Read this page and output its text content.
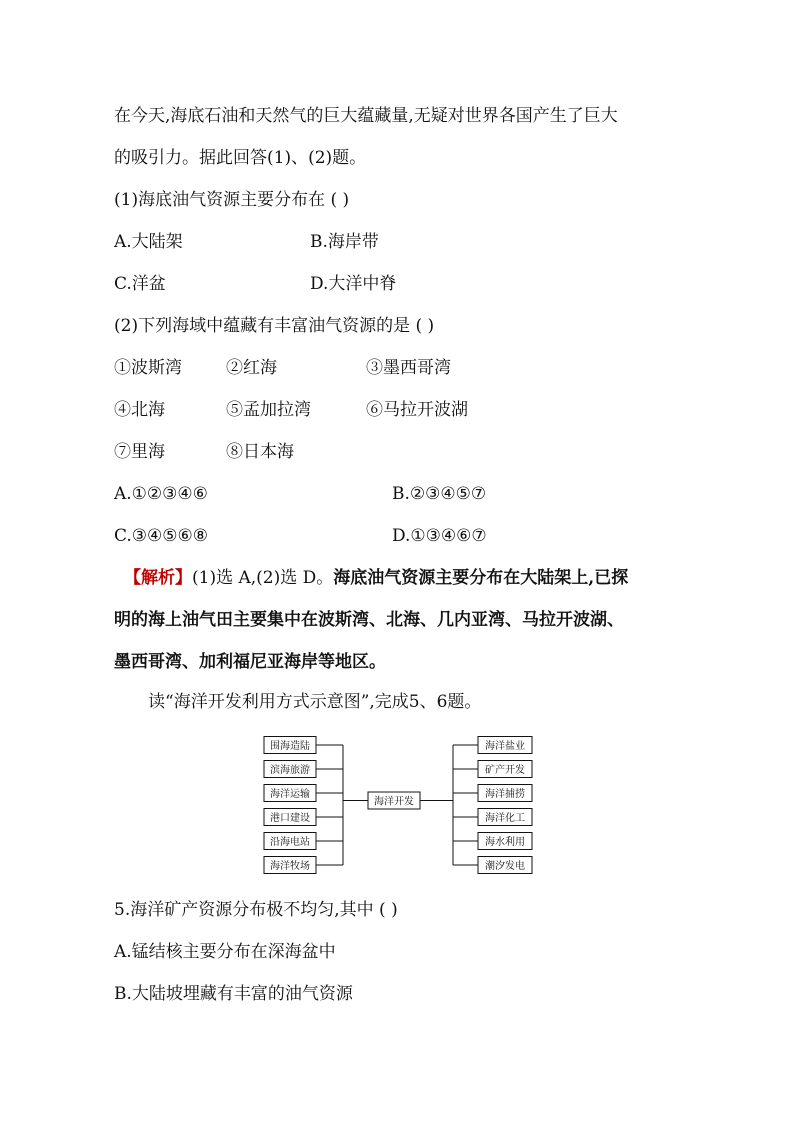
在今天,海底石油和天然气的巨大蕴藏量,无疑对世界各国产生了巨大
的吸引力。据此回答(1)、(2)题。
(1)海底油气资源主要分布在 ( )
A.大陆架	B.海岸带
C.洋盆	D.大洋中脊
(2)下列海域中蕴藏有丰富油气资源的是 ( )
①波斯湾	②红海	③墨西哥湾
④北海	⑤孟加拉湾	⑥马拉开波湖
⑦里海	⑧日本海
A.①②③④⑥	B.②③④⑤⑦
C.③④⑤⑥⑧	D.①③④⑥⑦
【解析】(1)选 A,(2)选 D。海底油气资源主要分布在大陆架上,已探
明的海上油气田主要集中在波斯湾、北海、几内亚湾、马拉开波湖、
墨西哥湾、加利福尼亚海岸等地区。
读“海洋开发利用方式示意图”,完成5、6题。
围海造陆
滨海旅游
海洋运输
港口建设
沿海电站
海洋牧场
海洋盐业
矿产开发
海洋捕捞
海洋化工
海水利用
潮汐发电
海洋开发
5.海洋矿产资源分布极不均匀,其中 ( )
A.锰结核主要分布在深海盆中
B.大陆坡埋藏有丰富的油气资源
